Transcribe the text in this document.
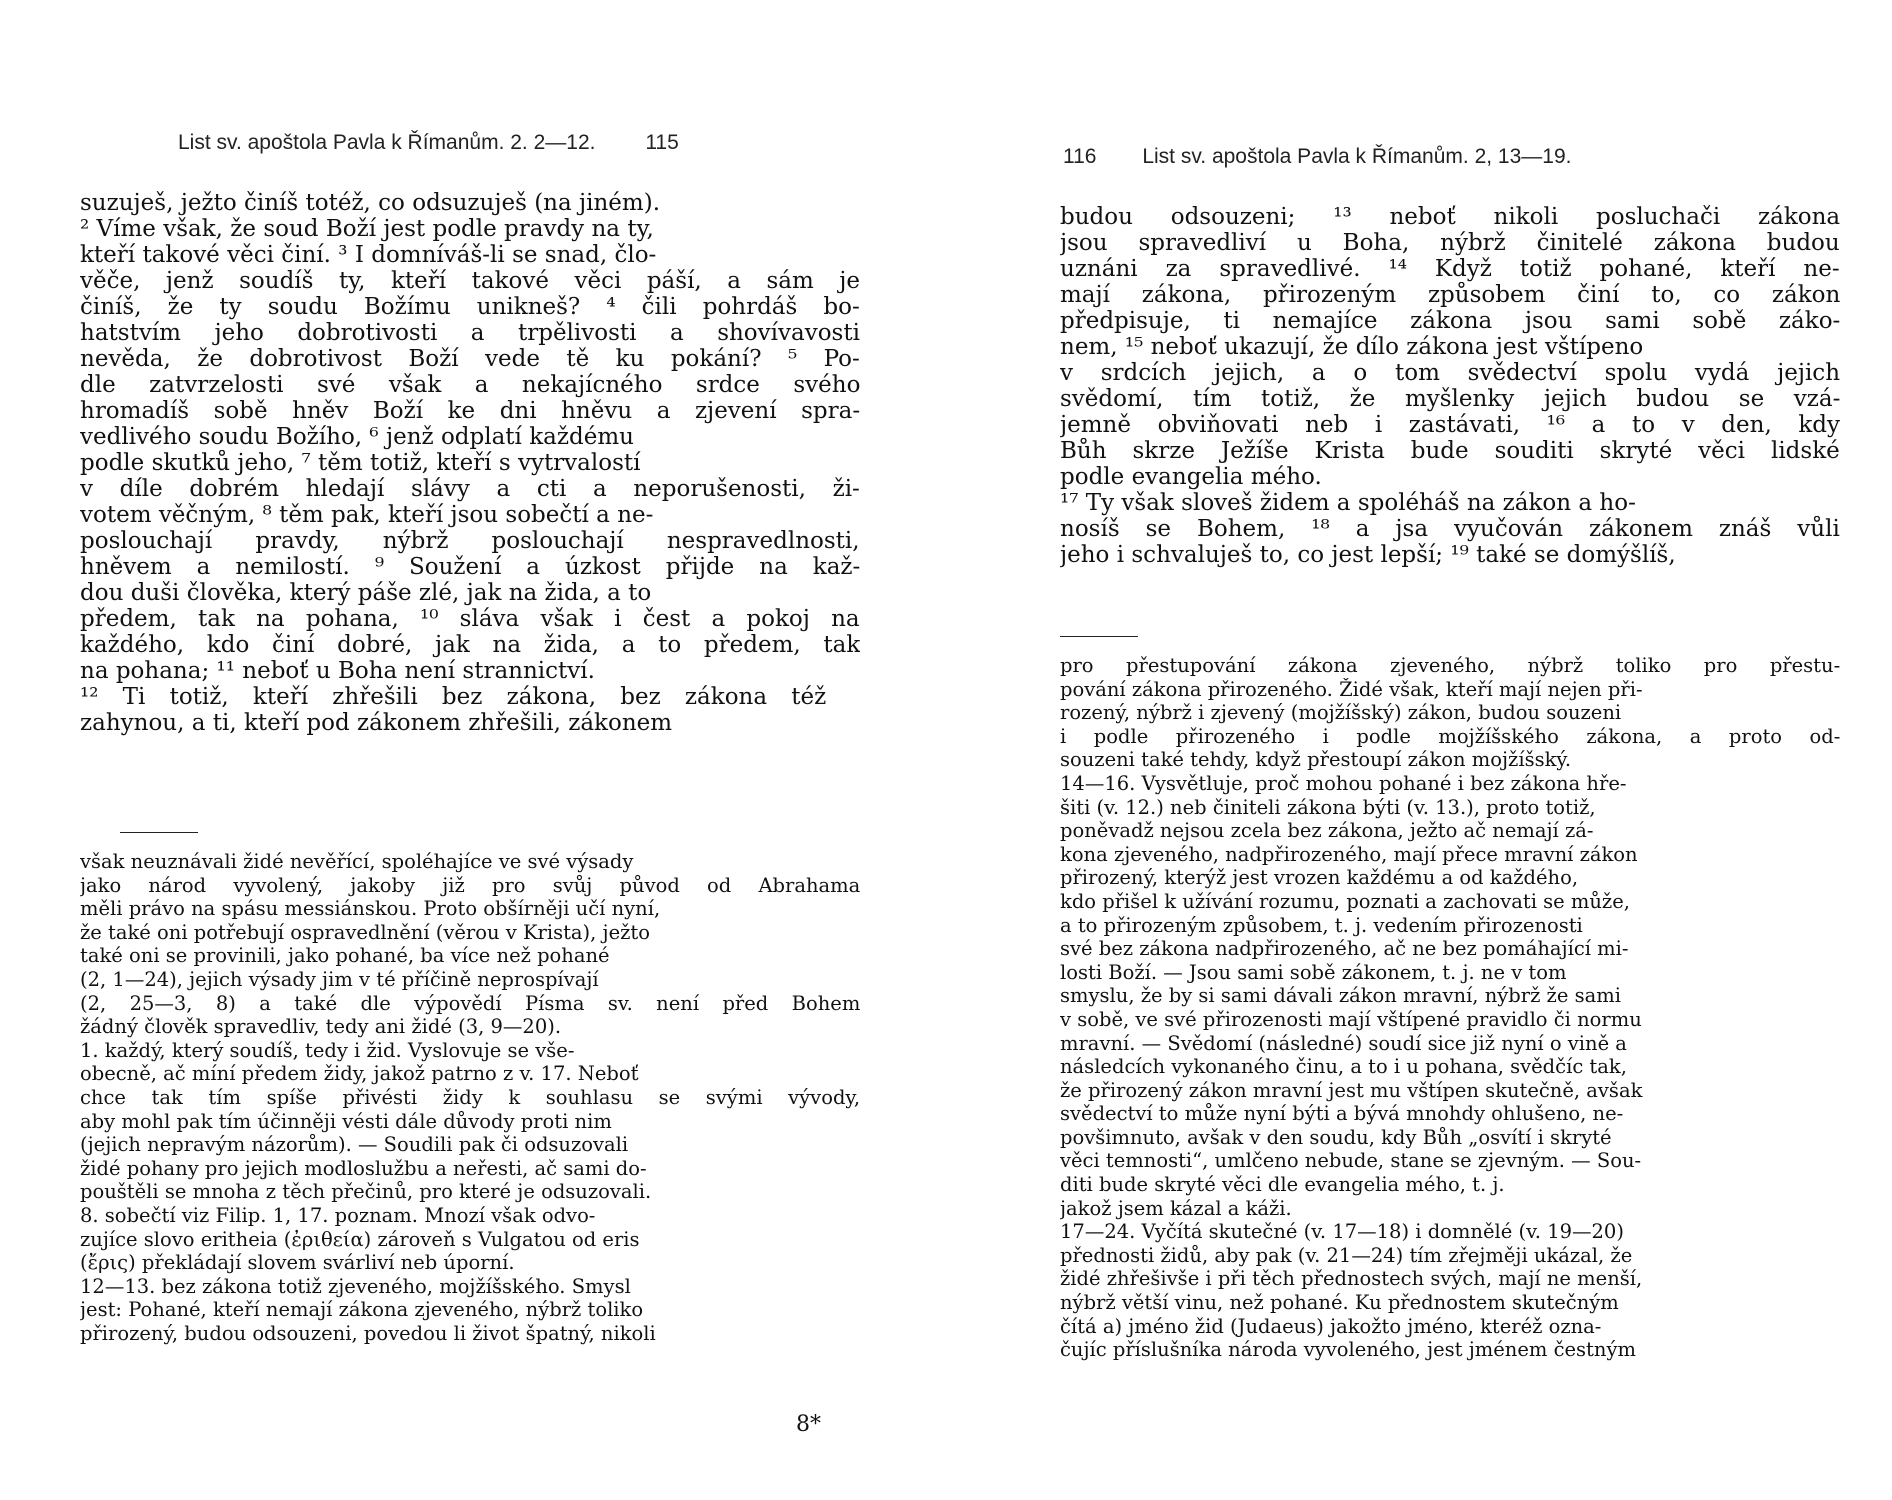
List sv. apoštola Pavla k Římanům. 2. 2—12. 115
suzuješ, ježto činíš totéž, co odsuzuješ (na jiném).
² Víme však, že soud Boží jest podle pravdy na ty,
kteří takové věci činí. ³ I domníváš-li se snad, člo-
věče, jenž soudíš ty, kteří takové věci páší, a sám je
činíš, že ty soudu Božímu unikneš? ⁴ čili pohrdáš bo-
hatstvím jeho dobrotivosti a trpělivosti a shovívavosti
nevěda, že dobrotivost Boží vede tě ku pokání? ⁵ Po-
dle zatvrzelosti své však a nekajícného srdce svého
hromadíš sobě hněv Boží ke dni hněvu a zjevení spra-
vedlivého soudu Božího, ⁶ jenž odplatí každému
podle skutků jeho, ⁷ těm totiž, kteří s vytrvalostí
v díle dobrém hledají slávy a cti a neporušenosti, ži-
votem věčným, ⁸ těm pak, kteří jsou sobečtí a ne-
poslouchají pravdy, nýbrž poslouchají nespravedlnosti,
hněvem a nemilostí. ⁹ Soužení a úzkost přijde na kaž-
dou duši člověka, který páše zlé, jak na žida, a to
předem, tak na pohana, ¹⁰ sláva však i čest a pokoj na
každého, kdo činí dobré, jak na žida, a to předem, tak
na pohana; ¹¹ neboť u Boha není strannictví.
¹² Ti totiž, kteří zhřešili bez zákona, bez zákona též
zahynou, a ti, kteří pod zákonem zhřešili, zákonem
však neuznávali židé nevěřící, spoléhajíce ve své výsady
jako národ vyvolený, jakoby již pro svůj původ od Abrahama
měli právo na spásu messiánskou. Proto obšírněji učí nyní,
že také oni potřebují ospravedlnění (věrou v Krista), ježto
také oni se provinili, jako pohané, ba více než pohané
(2, 1—24), jejich výsady jim v té příčině neprospívají
(2, 25—3, 8) a také dle výpovědí Písma sv. není před Bohem
žádný člověk spravedliv, tedy ani židé (3, 9—20).
1. každý, který soudíš, tedy i žid. Vyslovuje se vše-
obecně, ač míní předem židy, jakož patrno z v. 17. Neboť
chce tak tím spíše přivésti židy k souhlasu se svými vývody,
aby mohl pak tím účinněji vésti dále důvody proti nim
(jejich nepravým názorům). — Soudili pak či odsuzovali
židé pohany pro jejich modloslužbu a neřesti, ač sami do-
pouštěli se mnoha z těch přečinů, pro které je odsuzovali.
8. sobečtí viz Filip. 1, 17. poznam. Mnozí však odvo-
zujíce slovo eritheia (ἐριθεία) zároveň s Vulgatou od eris
(ἔρις) překládají slovem svárliví neb úporní.
12—13. bez zákona totiž zjeveného, mojžíšského. Smysl
jest: Pohané, kteří nemají zákona zjeveného, nýbrž toliko
přirozený, budou odsouzeni, povedou li život špatný, nikoli
8*
116 List sv. apoštola Pavla k Římanům. 2, 13—19.
budou odsouzeni; ¹³ neboť nikoli posluchači zákona
jsou spravedliví u Boha, nýbrž činitelé zákona budou
uznáni za spravedlivé. ¹⁴ Když totiž pohané, kteří ne-
mají zákona, přirozeným způsobem činí to, co zákon
předpisuje, ti nemajíce zákona jsou sami sobě záko-
nem, ¹⁵ neboť ukazují, že dílo zákona jest vštípeno
v srdcích jejich, a o tom svědectví spolu vydá jejich
svědomí, tím totiž, že myšlenky jejich budou se vzá-
jemně obviňovati neb i zastávati, ¹⁶ a to v den, kdy
Bůh skrze Ježíše Krista bude souditi skryté věci lidské
podle evangelia mého.
¹⁷ Ty však sloveš židem a spoléháš na zákon a ho-
nosíš se Bohem, ¹⁸ a jsa vyučován zákonem znáš vůli
jeho i schvaluješ to, co jest lepší; ¹⁹ také se domýšlíš,
pro přestupování zákona zjeveného, nýbrž toliko pro přestu-
pování zákona přirozeného. Židé však, kteří mají nejen při-
rozený, nýbrž i zjevený (mojžíšský) zákon, budou souzeni
i podle přirozeného i podle mojžíšského zákona, a proto od-
souzeni také tehdy, když přestoupí zákon mojžíšský.
14—16. Vysvětluje, proč mohou pohané i bez zákona hře-
šiti (v. 12.) neb činiteli zákona býti (v. 13.), proto totiž,
poněvadž nejsou zcela bez zákona, ježto ač nemají zá-
kona zjeveného, nadpřirozeného, mají přece mravní zákon
přirozený, kterýž jest vrozen každému a od každého,
kdo přišel k užívání rozumu, poznati a zachovati se může,
a to přirozeným způsobem, t. j. vedením přirozenosti
své bez zákona nadpřirozeného, ač ne bez pomáhající mi-
losti Boží. — Jsou sami sobě zákonem, t. j. ne v tom
smyslu, že by si sami dávali zákon mravní, nýbrž že sami
v sobě, ve své přirozenosti mají vštípené pravidlo či normu
mravní. — Svědomí (následné) soudí sice již nyní o vině a
následcích vykonaného činu, a to i u pohana, svědčíc tak,
že přirozený zákon mravní jest mu vštípen skutečně, avšak
svědectví to může nyní býti a bývá mnohdy ohlušeno, ne-
povšimnuto, avšak v den soudu, kdy Bůh „osvítí i skryté
věci temnosti“, umlčeno nebude, stane se zjevným. — Sou-
diti bude skryté věci dle evangelia mého, t. j.
jakož jsem kázal a káži.
17—24. Vyčítá skutečné (v. 17—18) i domnělé (v. 19—20)
přednosti židů, aby pak (v. 21—24) tím zřejměji ukázal, že
židé zhřešivše i při těch přednostech svých, mají ne menší,
nýbrž větší vinu, než pohané. Ku přednostem skutečným
čítá a) jméno žid (Judaeus) jakožto jméno, kteréž ozna-
čujíc příslušníka národa vyvoleného, jest jménem čestným
